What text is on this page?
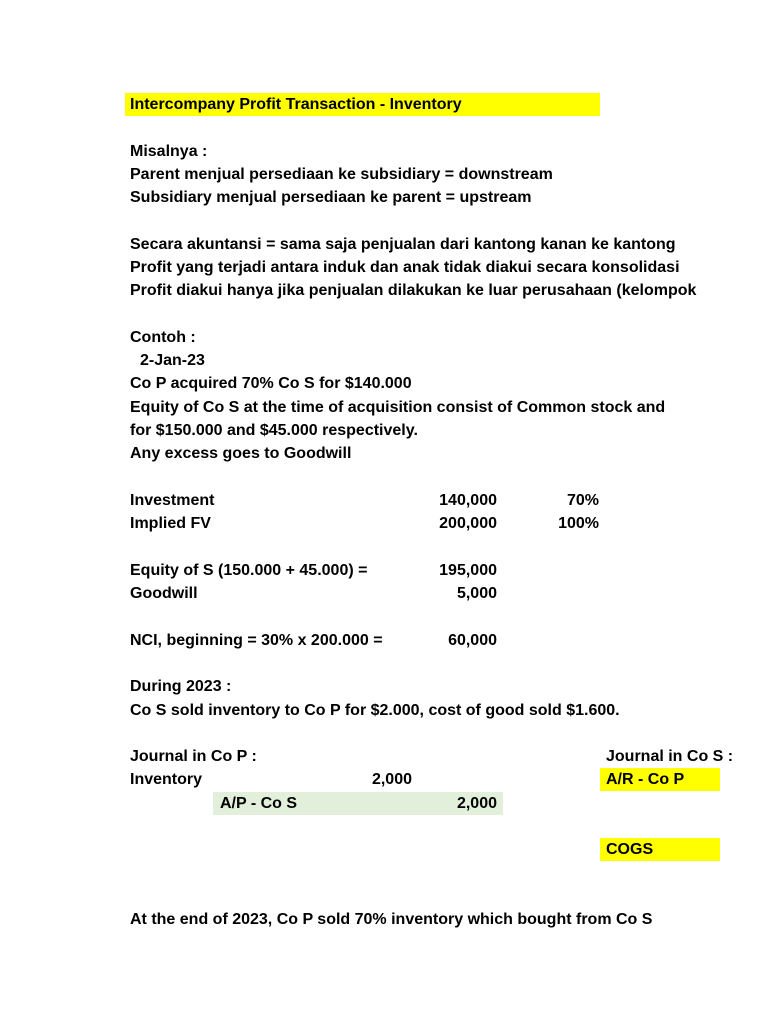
Intercompany Profit Transaction - Inventory
Misalnya :
Parent menjual persediaan ke subsidiary = downstream
Subsidiary menjual persediaan ke parent = upstream
Secara akuntansi = sama saja penjualan dari kantong kanan ke kantong
Profit yang terjadi antara induk dan anak tidak diakui secara konsolidasi
Profit diakui hanya jika penjualan dilakukan ke luar perusahaan (kelompok
Contoh :
2-Jan-23
Co P acquired 70% Co S for $140.000
Equity of Co S at the time of acquisition consist of Common stock and
for $150.000 and $45.000 respectively.
Any excess goes to Goodwill
Investment	140,000	70%
Implied FV	200,000	100%
Equity of S (150.000 + 45.000) =	195,000
Goodwill	5,000
NCI, beginning = 30% x 200.000 =	60,000
During 2023 :
Co S sold inventory to Co P for $2.000, cost of good sold $1.600.
Journal in Co P :
Inventory	2,000
A/P - Co S	2,000
Journal in Co S :
A/R - Co P
COGS
At the end of 2023, Co P sold 70% inventory which bought from Co S
